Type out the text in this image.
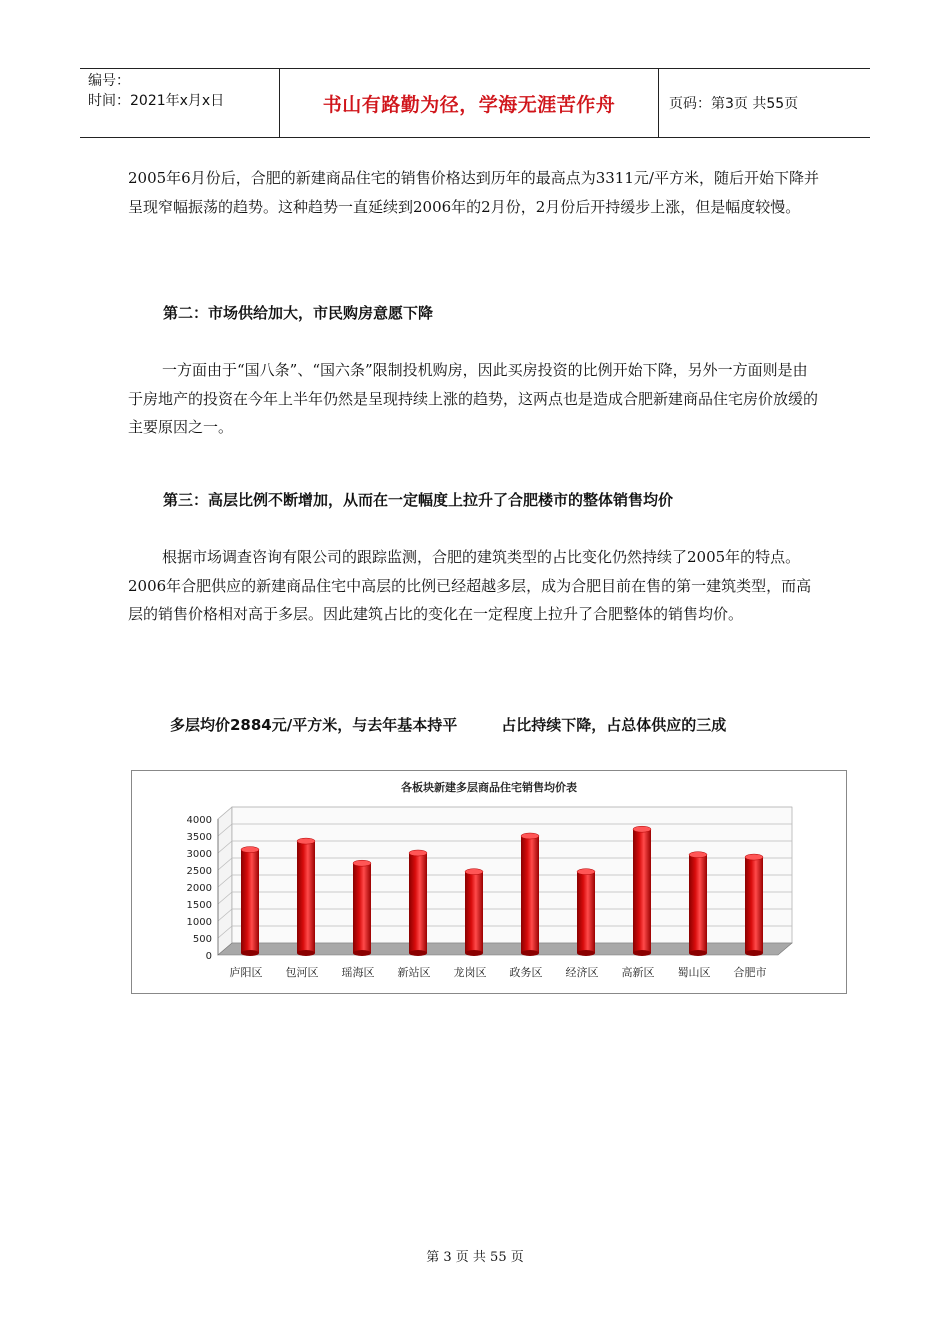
编号：
时间：2021年x月x日	书山有路勤为径，学海无涯苦作舟	页码：第3页 共55页

2005年6月份后，合肥的新建商品住宅的销售价格达到历年的最高点为3311元/平方米，随后开始下降并呈现窄幅振荡的趋势。这种趋势一直延续到2006年的2月份，2月份后开持缓步上涨，但是幅度较慢。

第二：市场供给加大，市民购房意愿下降

一方面由于“国八条”、“国六条”限制投机购房，因此买房投资的比例开始下降，另外一方面则是由于房地产的投资在今年上半年仍然是呈现持续上涨的趋势，这两点也是造成合肥新建商品住宅房价放缓的主要原因之一。

第三：高层比例不断增加，从而在一定幅度上拉升了合肥楼市的整体销售均价

根据市场调查咨询有限公司的跟踪监测，合肥的建筑类型的占比变化仍然持续了2005年的特点。2006年合肥供应的新建商品住宅中高层的比例已经超越多层，成为合肥目前在售的第一建筑类型，而高层的销售价格相对高于多层。因此建筑占比的变化在一定程度上拉升了合肥整体的销售均价。

多层均价2884元/平方米，与去年基本持平	占比持续下降，占总体供应的三成
各板块新建多层商品住宅销售均价表
0
500
1000
1500
2000
2500
3000
3500
4000
庐阳区 包河区 瑶海区 新站区 龙岗区 政务区 经济区 高新区 蜀山区 合肥市
第 3 页 共 55 页
